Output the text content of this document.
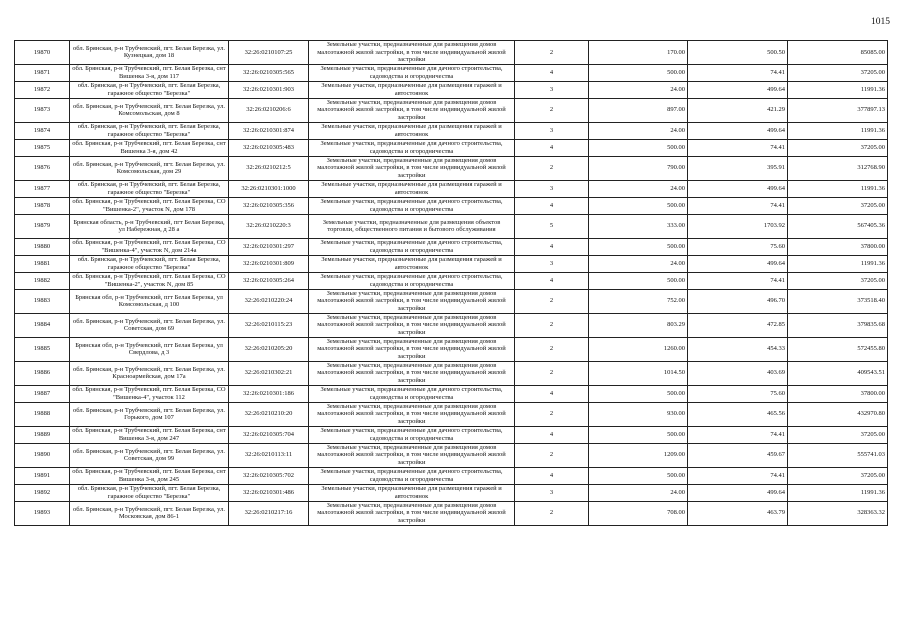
1015
19870	обл. Брянская, р-н Трубчевский, пгт. Белая Березка, ул. Кузнецкая, дом 18	32:26:0210107:25	Земельные участки, предназначенные для размещения домов малоэтажной жилой застройки, в том числе индивидуальной жилой застройки	2	170.00	500.50	85085.00
19871	обл. Брянская, р-н Трубчевский, пгт. Белая Березка, снт Вишенка 3-я, дом 117	32:26:0210305:565	Земельные участки, предназначенные для дачного строительства, садоводства и огородничества	4	500.00	74.41	37205.00
19872	обл. Брянская, р-н Трубчевский, пгт. Белая Березка, гаражное общество "Березка"	32:26:0210301:903	Земельные участки, предназначенные для размещения гаражей и автостоянок	3	24.00	499.64	11991.36
19873	обл. Брянская, р-н Трубчевский, пгт. Белая Березка, ул. Комсомольская, дом 8	32:26:0210206:6	Земельные участки, предназначенные для размещения домов малоэтажной жилой застройки, в том числе индивидуальной жилой застройки	2	897.00	421.29	377897.13
19874	обл. Брянская, р-н Трубчевский, пгт. Белая Березка, гаражное общество "Березка"	32:26:0210301:874	Земельные участки, предназначенные для размещения гаражей и автостоянок	3	24.00	499.64	11991.36
19875	обл. Брянская, р-н Трубчевский, пгт. Белая Березка, снт Вишенка 3-я, дом 42	32:26:0210305:483	Земельные участки, предназначенные для дачного строительства, садоводства и огородничества	4	500.00	74.41	37205.00
19876	обл. Брянская, р-н Трубчевский, пгт. Белая Березка, ул. Комсомольская, дом 29	32:26:0210212:5	Земельные участки, предназначенные для размещения домов малоэтажной жилой застройки, в том числе индивидуальной жилой застройки	2	790.00	395.91	312768.90
19877	обл. Брянская, р-н Трубчевский, пгт. Белая Березка, гаражное общество "Березка"	32:26:0210301:1000	Земельные участки, предназначенные для размещения гаражей и автостоянок	3	24.00	499.64	11991.36
19878	обл. Брянская, р-н Трубчевский, пгт. Белая Березка, СО "Вишенка-2", участок N, дом 178	32:26:0210305:356	Земельные участки, предназначенные для дачного строительства, садоводства и огородничества	4	500.00	74.41	37205.00
19879	Брянская область, р-н Трубчевский, пгт Белая Березка, ул Набережная, д 28 а	32:26:0210220:3	Земельные участки, предназначенные для размещения объектов торговли, общественного питания и бытового обслуживания	5	333.00	1703.92	567405.36
19880	обл. Брянская, р-н Трубчевский, пгт. Белая Березка, СО "Вишенка-4", участок N, дом 214а	32:26:0210301:297	Земельные участки, предназначенные для дачного строительства, садоводства и огородничества	4	500.00	75.60	37800.00
19881	обл. Брянская, р-н Трубчевский, пгт. Белая Березка, гаражное общество "Березка"	32:26:0210301:809	Земельные участки, предназначенные для размещения гаражей и автостоянок	3	24.00	499.64	11991.36
19882	обл. Брянская, р-н Трубчевский, пгт. Белая Березка, СО "Вишенка-2", участок N, дом 85	32:26:0210305:264	Земельные участки, предназначенные для дачного строительства, садоводства и огородничества	4	500.00	74.41	37205.00
19883	Брянская обл, р-н Трубчевский, пгт Белая Березка, ул Комсомольская, д 100	32:26:0210220:24	Земельные участки, предназначенные для размещения домов малоэтажной жилой застройки, в том числе индивидуальной жилой застройки	2	752.00	496.70	373518.40
19884	обл. Брянская, р-н Трубчевский, пгт. Белая Березка, ул. Советская, дом 69	32:26:0210115:23	Земельные участки, предназначенные для размещения домов малоэтажной жилой застройки, в том числе индивидуальной жилой застройки	2	803.29	472.85	379835.68
19885	Брянская обл, р-н Трубчевский, пгт Белая Березка, ул Свердлова, д 3	32:26:0210205:20	Земельные участки, предназначенные для размещения домов малоэтажной жилой застройки, в том числе индивидуальной жилой застройки	2	1260.00	454.33	572455.80
19886	обл. Брянская, р-н Трубчевский, пгт. Белая Березка, ул. Красноармейская, дом 17а	32:26:0210302:21	Земельные участки, предназначенные для размещения домов малоэтажной жилой застройки, в том числе индивидуальной жилой застройки	2	1014.50	403.69	409543.51
19887	обл. Брянская, р-н Трубчевский, пгт. Белая Березка, СО "Вишенка-4", участок 112	32:26:0210301:186	Земельные участки, предназначенные для дачного строительства, садоводства и огородничества	4	500.00	75.60	37800.00
19888	обл. Брянская, р-н Трубчевский, пгт. Белая Березка, ул. Горького, дом 107	32:26:0210210:20	Земельные участки, предназначенные для размещения домов малоэтажной жилой застройки, в том числе индивидуальной жилой застройки	2	930.00	465.56	432970.80
19889	обл. Брянская, р-н Трубчевский, пгт. Белая Березка, снт Вишенка 3-я, дом 247	32:26:0210305:704	Земельные участки, предназначенные для дачного строительства, садоводства и огородничества	4	500.00	74.41	37205.00
19890	обл. Брянская, р-н Трубчевский, пгт. Белая Березка, ул. Советская, дом 99	32:26:0210113:11	Земельные участки, предназначенные для размещения домов малоэтажной жилой застройки, в том числе индивидуальной жилой застройки	2	1209.00	459.67	555741.03
19891	обл. Брянская, р-н Трубчевский, пгт. Белая Березка, снт Вишенка 3-я, дом 245	32:26:0210305:702	Земельные участки, предназначенные для дачного строительства, садоводства и огородничества	4	500.00	74.41	37205.00
19892	обл. Брянская, р-н Трубчевский, пгт. Белая Березка, гаражное общество "Березка"	32:26:0210301:486	Земельные участки, предназначенные для размещения гаражей и автостоянок	3	24.00	499.64	11991.36
19893	обл. Брянская, р-н Трубчевский, пгт. Белая Березка, ул. Московская, дом 86-1	32:26:0210217:16	Земельные участки, предназначенные для размещения домов малоэтажной жилой застройки, в том числе индивидуальной жилой застройки	2	708.00	463.79	328363.32
